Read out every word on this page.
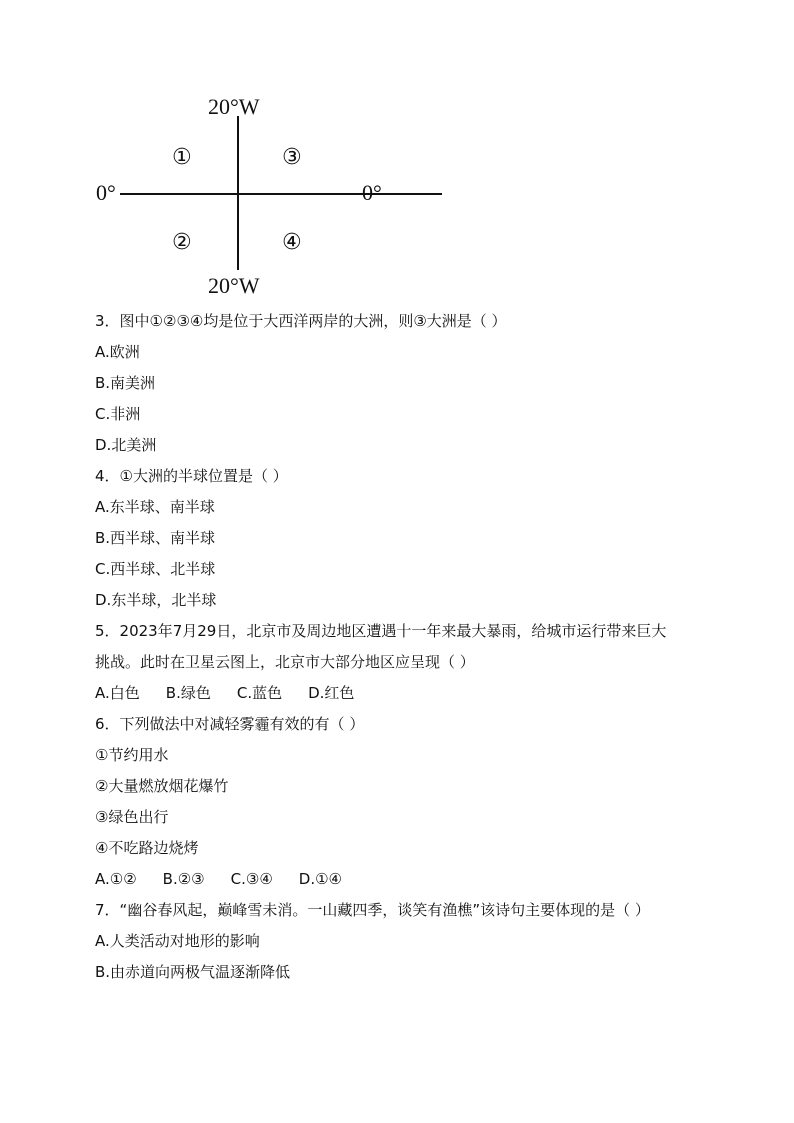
20°W
20°W
0°	0°
①	③
②	④
3．图中①②③④均是位于大西洋两岸的大洲，则③大洲是（ ）
A.欧洲
B.南美洲
C.非洲
D.北美洲
4．①大洲的半球位置是（ ）
A.东半球、南半球
B.西半球、南半球
C.西半球、北半球
D.东半球，北半球
5．2023年7月29日，北京市及周边地区遭遇十一年来最大暴雨，给城市运行带来巨大
挑战。此时在卫星云图上，北京市大部分地区应呈现（ ）
A.白色 B.绿色 C.蓝色 D.红色
6．下列做法中对减轻雾霾有效的有（ ）
①节约用水
②大量燃放烟花爆竹
③绿色出行
④不吃路边烧烤
A.①② B.②③ C.③④ D.①④
7．“幽谷春风起，巅峰雪未消。一山藏四季，谈笑有渔樵”该诗句主要体现的是（ ）
A.人类活动对地形的影响
B.由赤道向两极气温逐渐降低
